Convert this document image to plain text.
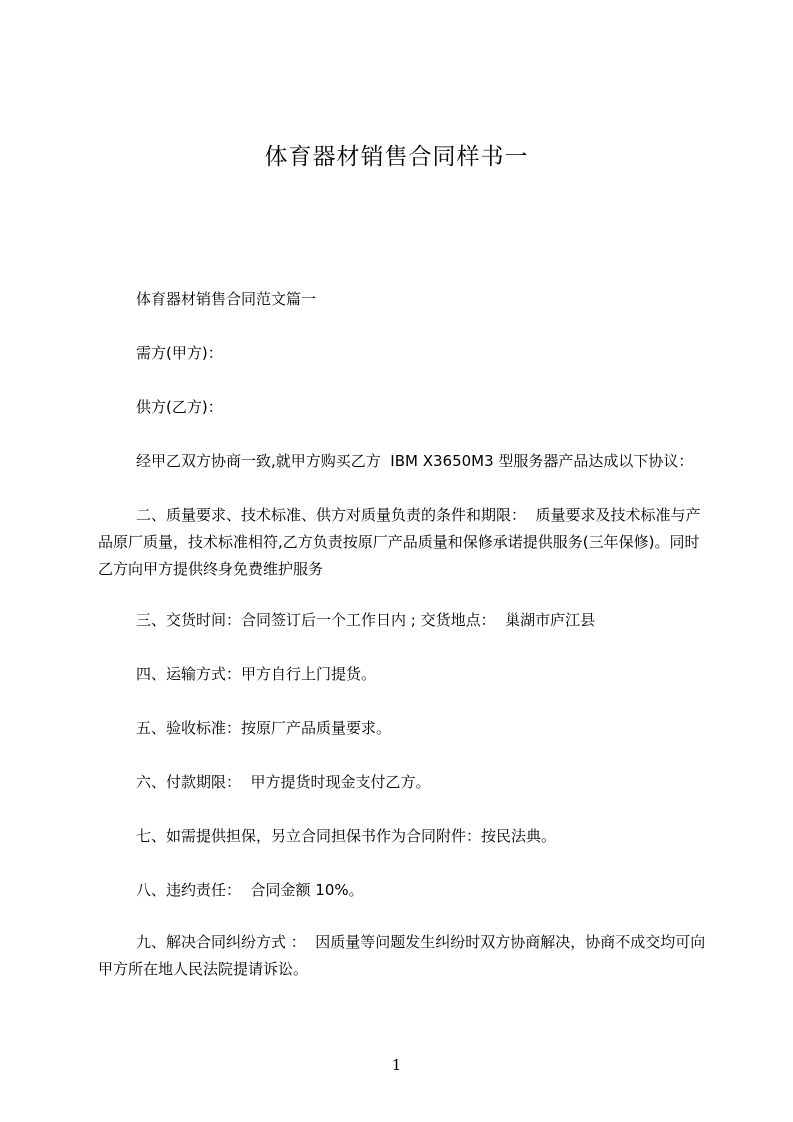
体育器材销售合同样书一
体育器材销售合同范文篇一
需方(甲方)：
供方(乙方)：
经甲乙双方协商一致,就甲方购买乙方  IBM X3650M3 型服务器产品达成以下协议：
二、质量要求、技术标准、供方对质量负责的条件和期限：  质量要求及技术标准与产品原厂质量，技术标准相符,乙方负责按原厂产品质量和保修承诺提供服务(三年保修)。同时乙方向甲方提供终身免费维护服务
三、交货时间：合同签订后一个工作日内 ; 交货地点：  巢湖市庐江县
四、运输方式：甲方自行上门提货。
五、验收标准：按原厂产品质量要求。
六、付款期限：  甲方提货时现金支付乙方。
七、如需提供担保，另立合同担保书作为合同附件：按民法典。
八、违约责任：  合同金额 10%。
九、解决合同纠纷方式 ：  因质量等问题发生纠纷时双方协商解决，协商不成交均可向甲方所在地人民法院提请诉讼。
1
